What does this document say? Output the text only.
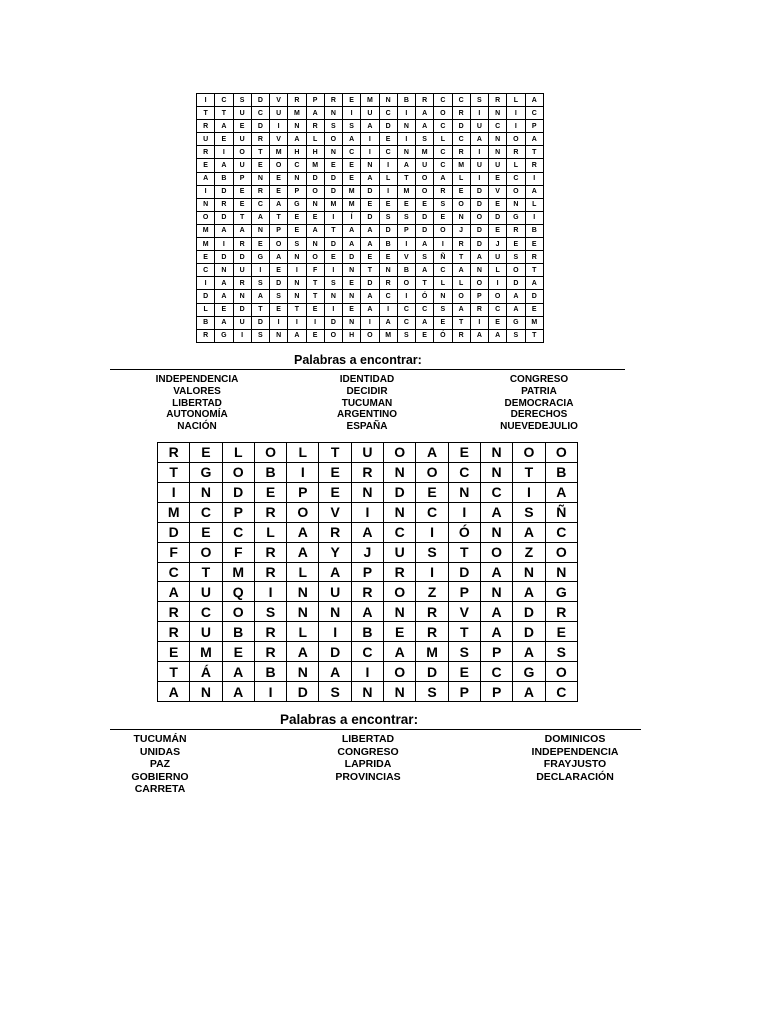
I	C	S	D	V	R	P	R	E	M	N	B	R	C	C	S	R	L	A
T	T	U	C	U	M	A	N	I	U	C	I	A	O	R	I	N	I	C
R	A	E	D	I	N	R	S	S	A	D	N	A	C	D	U	C	I	P
U	E	U	R	V	A	L	O	A	I	E	I	S	L	C	A	N	O	A
R	I	O	T	M	H	H	N	C	I	C	N	M	C	R	I	N	R	T
E	A	U	E	O	C	M	E	E	N	I	A	U	C	M	U	U	L	R
A	B	P	N	E	N	D	D	E	A	L	T	O	A	L	I	E	C	I
I	D	E	R	E	P	O	D	M	D	I	M	O	R	E	D	V	O	A
N	R	E	C	A	G	N	M	M	E	E	E	E	S	O	D	E	N	L
O	D	T	A	T	E	E	I	Í	D	S	S	D	E	N	O	D	G	I
M	A	A	N	P	E	A	T	A	A	D	P	D	O	J	D	E	R	B
M	I	R	E	O	S	N	D	A	A	B	I	A	I	R	D	J	E	E
E	D	D	G	A	N	O	E	D	E	E	V	S	Ñ	T	A	U	S	R
C	N	U	I	E	I	F	I	N	T	N	B	A	C	A	N	L	O	T
I	A	R	S	D	N	T	S	E	D	R	O	T	L	L	O	I	D	A
D	A	N	A	S	N	T	N	N	A	C	I	Ó	N	O	P	O	A	D
L	E	D	T	E	T	E	I	E	A	I	C	C	S	A	R	C	A	E
B	A	U	D	I	I	I	D	N	I	A	C	A	E	T	I	E	G	M
R	G	I	S	N	A	E	O	H	O	M	S	E	Ó	R	A	A	S	T
Palabras a encontrar:
INDEPENDENCIA
VALORES
LIBERTAD
AUTONOMÍA
NACIÓN
IDENTIDAD
DECIDIR
TUCUMAN
ARGENTINO
ESPAÑA
CONGRESO
PATRIA
DEMOCRACIA
DERECHOS
NUEVEDEJULIO
R	E	L	O	L	T	U	O	A	E	N	O	O
T	G	O	B	I	E	R	N	O	C	N	T	B
I	N	D	E	P	E	N	D	E	N	C	I	A
M	C	P	R	O	V	I	N	C	I	A	S	Ñ
D	E	C	L	A	R	A	C	I	Ó	N	A	C
F	O	F	R	A	Y	J	U	S	T	O	Z	O
C	T	M	R	L	A	P	R	I	D	A	N	N
A	U	Q	I	N	U	R	O	Z	P	N	A	G
R	C	O	S	N	N	A	N	R	V	A	D	R
R	U	B	R	L	I	B	E	R	T	A	D	E
E	M	E	R	A	D	C	A	M	S	P	A	S
T	Á	A	B	N	A	I	O	D	E	C	G	O
A	N	A	I	D	S	N	N	S	P	P	A	C
Palabras a encontrar:
TUCUMÁN
UNIDAS
PAZ
GOBIERNO
CARRETA
LIBERTAD
CONGRESO
LAPRIDA
PROVINCIAS
DOMINICOS
INDEPENDENCIA
FRAYJUSTO
DECLARACIÓN
